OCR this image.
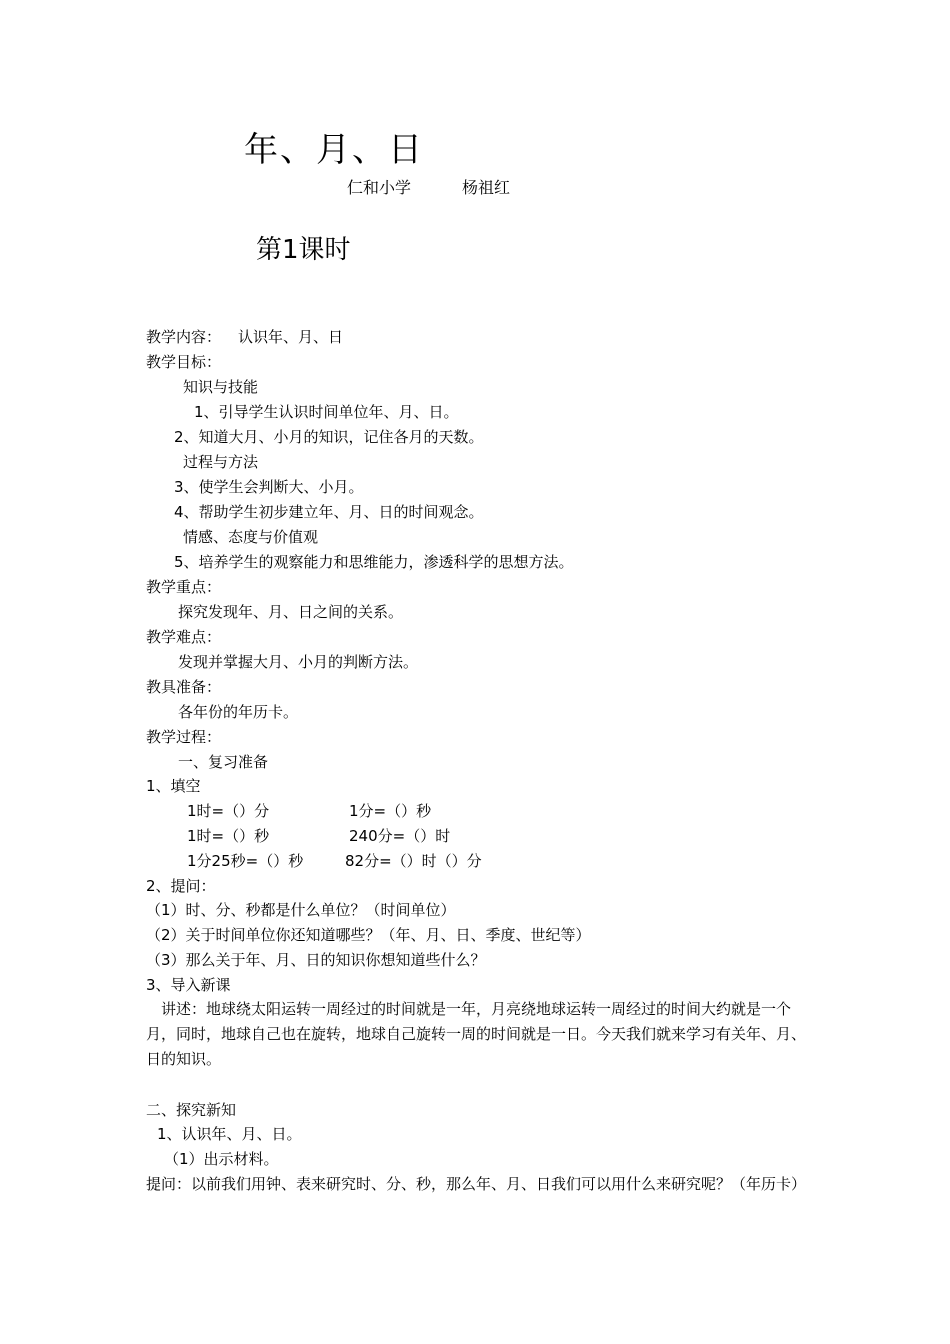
年、月、日
仁和小学	杨祖红
第1课时
教学内容： 认识年、月、日
教学目标：
知识与技能
1、引导学生认识时间单位年、月、日。
2、知道大月、小月的知识，记住各月的天数。
过程与方法
3、使学生会判断大、小月。
4、帮助学生初步建立年、月、日的时间观念。
情感、态度与价值观
5、培养学生的观察能力和思维能力，渗透科学的思想方法。
教学重点：
探究发现年、月、日之间的关系。
教学难点：
发现并掌握大月、小月的判断方法。
教具准备：
各年份的年历卡。
教学过程：
一、复习准备
1、填空
1时=（）分	1分=（）秒
1时=（）秒	240分=（）时
1分25秒=（）秒	82分=（）时（）分
2、提问：
（1）时、分、秒都是什么单位？（时间单位）
（2）关于时间单位你还知道哪些？（年、月、日、季度、世纪等）
（3）那么关于年、月、日的知识你想知道些什么？
3、导入新课
讲述：地球绕太阳运转一周经过的时间就是一年，月亮绕地球运转一周经过的时间大约就是一个月，同时，地球自己也在旋转，地球自己旋转一周的时间就是一日。今天我们就来学习有关年、月、日的知识。
二、探究新知
1、认识年、月、日。
（1）出示材料。
提问：以前我们用钟、表来研究时、分、秒，那么年、月、日我们可以用什么来研究呢？（年历卡）
